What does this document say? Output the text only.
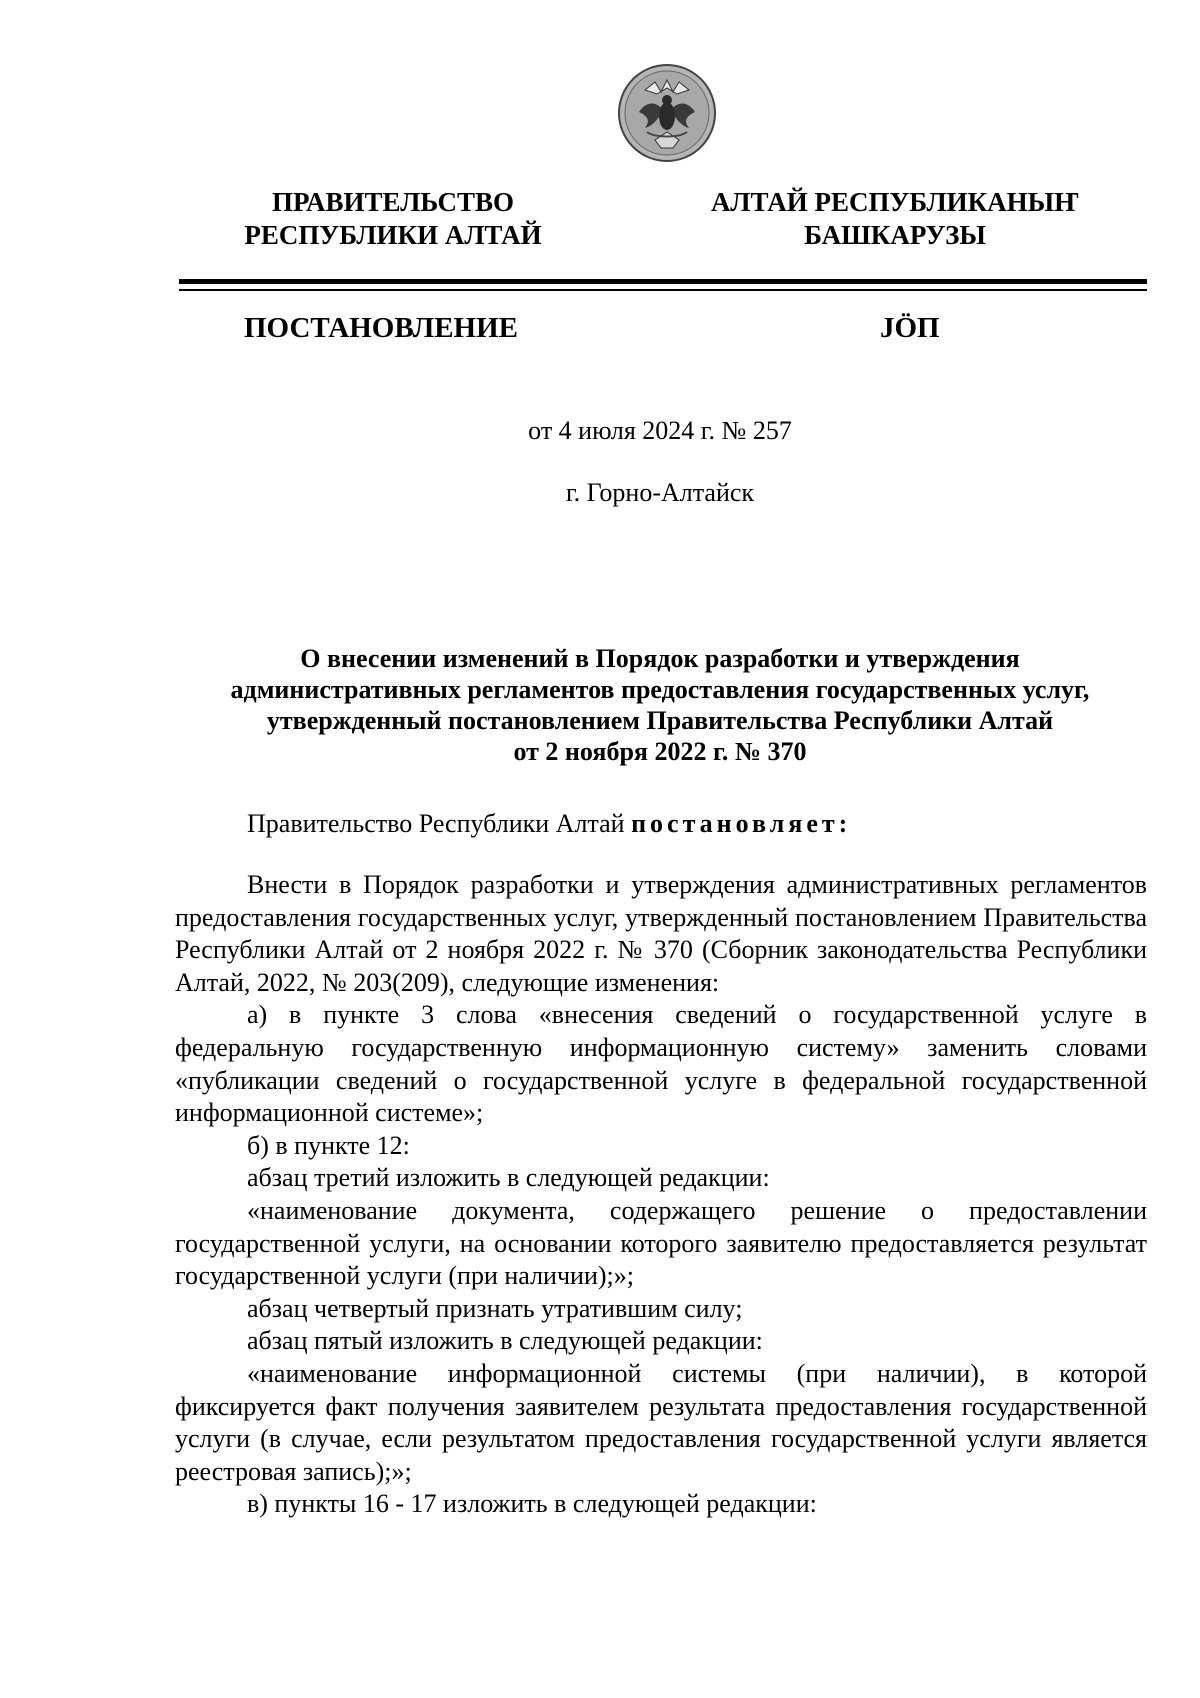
ПРАВИТЕЛЬСТВО
РЕСПУБЛИКИ АЛТАЙ
АЛТАЙ РЕСПУБЛИКАНЫҤ
БАШКАРУЗЫ
ПОСТАНОВЛЕНИЕ	JÖП
от 4 июля 2024 г. № 257
г. Горно-Алтайск
О внесении изменений в Порядок разработки и утверждения
административных регламентов предоставления государственных услуг,
утвержденный постановлением Правительства Республики Алтай
от 2 ноября 2022 г. № 370
Правительство Республики Алтай постановляет:

Внести в Порядок разработки и утверждения административных регламентов предоставления государственных услуг, утвержденный постановлением Правительства Республики Алтай от 2 ноября 2022 г. № 370 (Сборник законодательства Республики Алтай, 2022, № 203(209), следующие изменения:

а) в пункте 3 слова «внесения сведений о государственной услуге в федеральную государственную информационную систему» заменить словами «публикации сведений о государственной услуге в федеральной государственной информационной системе»;

б) в пункте 12:

абзац третий изложить в следующей редакции:

«наименование документа, содержащего решение о предоставлении государственной услуги, на основании которого заявителю предоставляется результат государственной услуги (при наличии);»;

абзац четвертый признать утратившим силу;

абзац пятый изложить в следующей редакции:

«наименование информационной системы (при наличии), в которой фиксируется факт получения заявителем результата предоставления государственной услуги (в случае, если результатом предоставления государственной услуги является реестровая запись);»;

в) пункты 16 - 17 изложить в следующей редакции:
